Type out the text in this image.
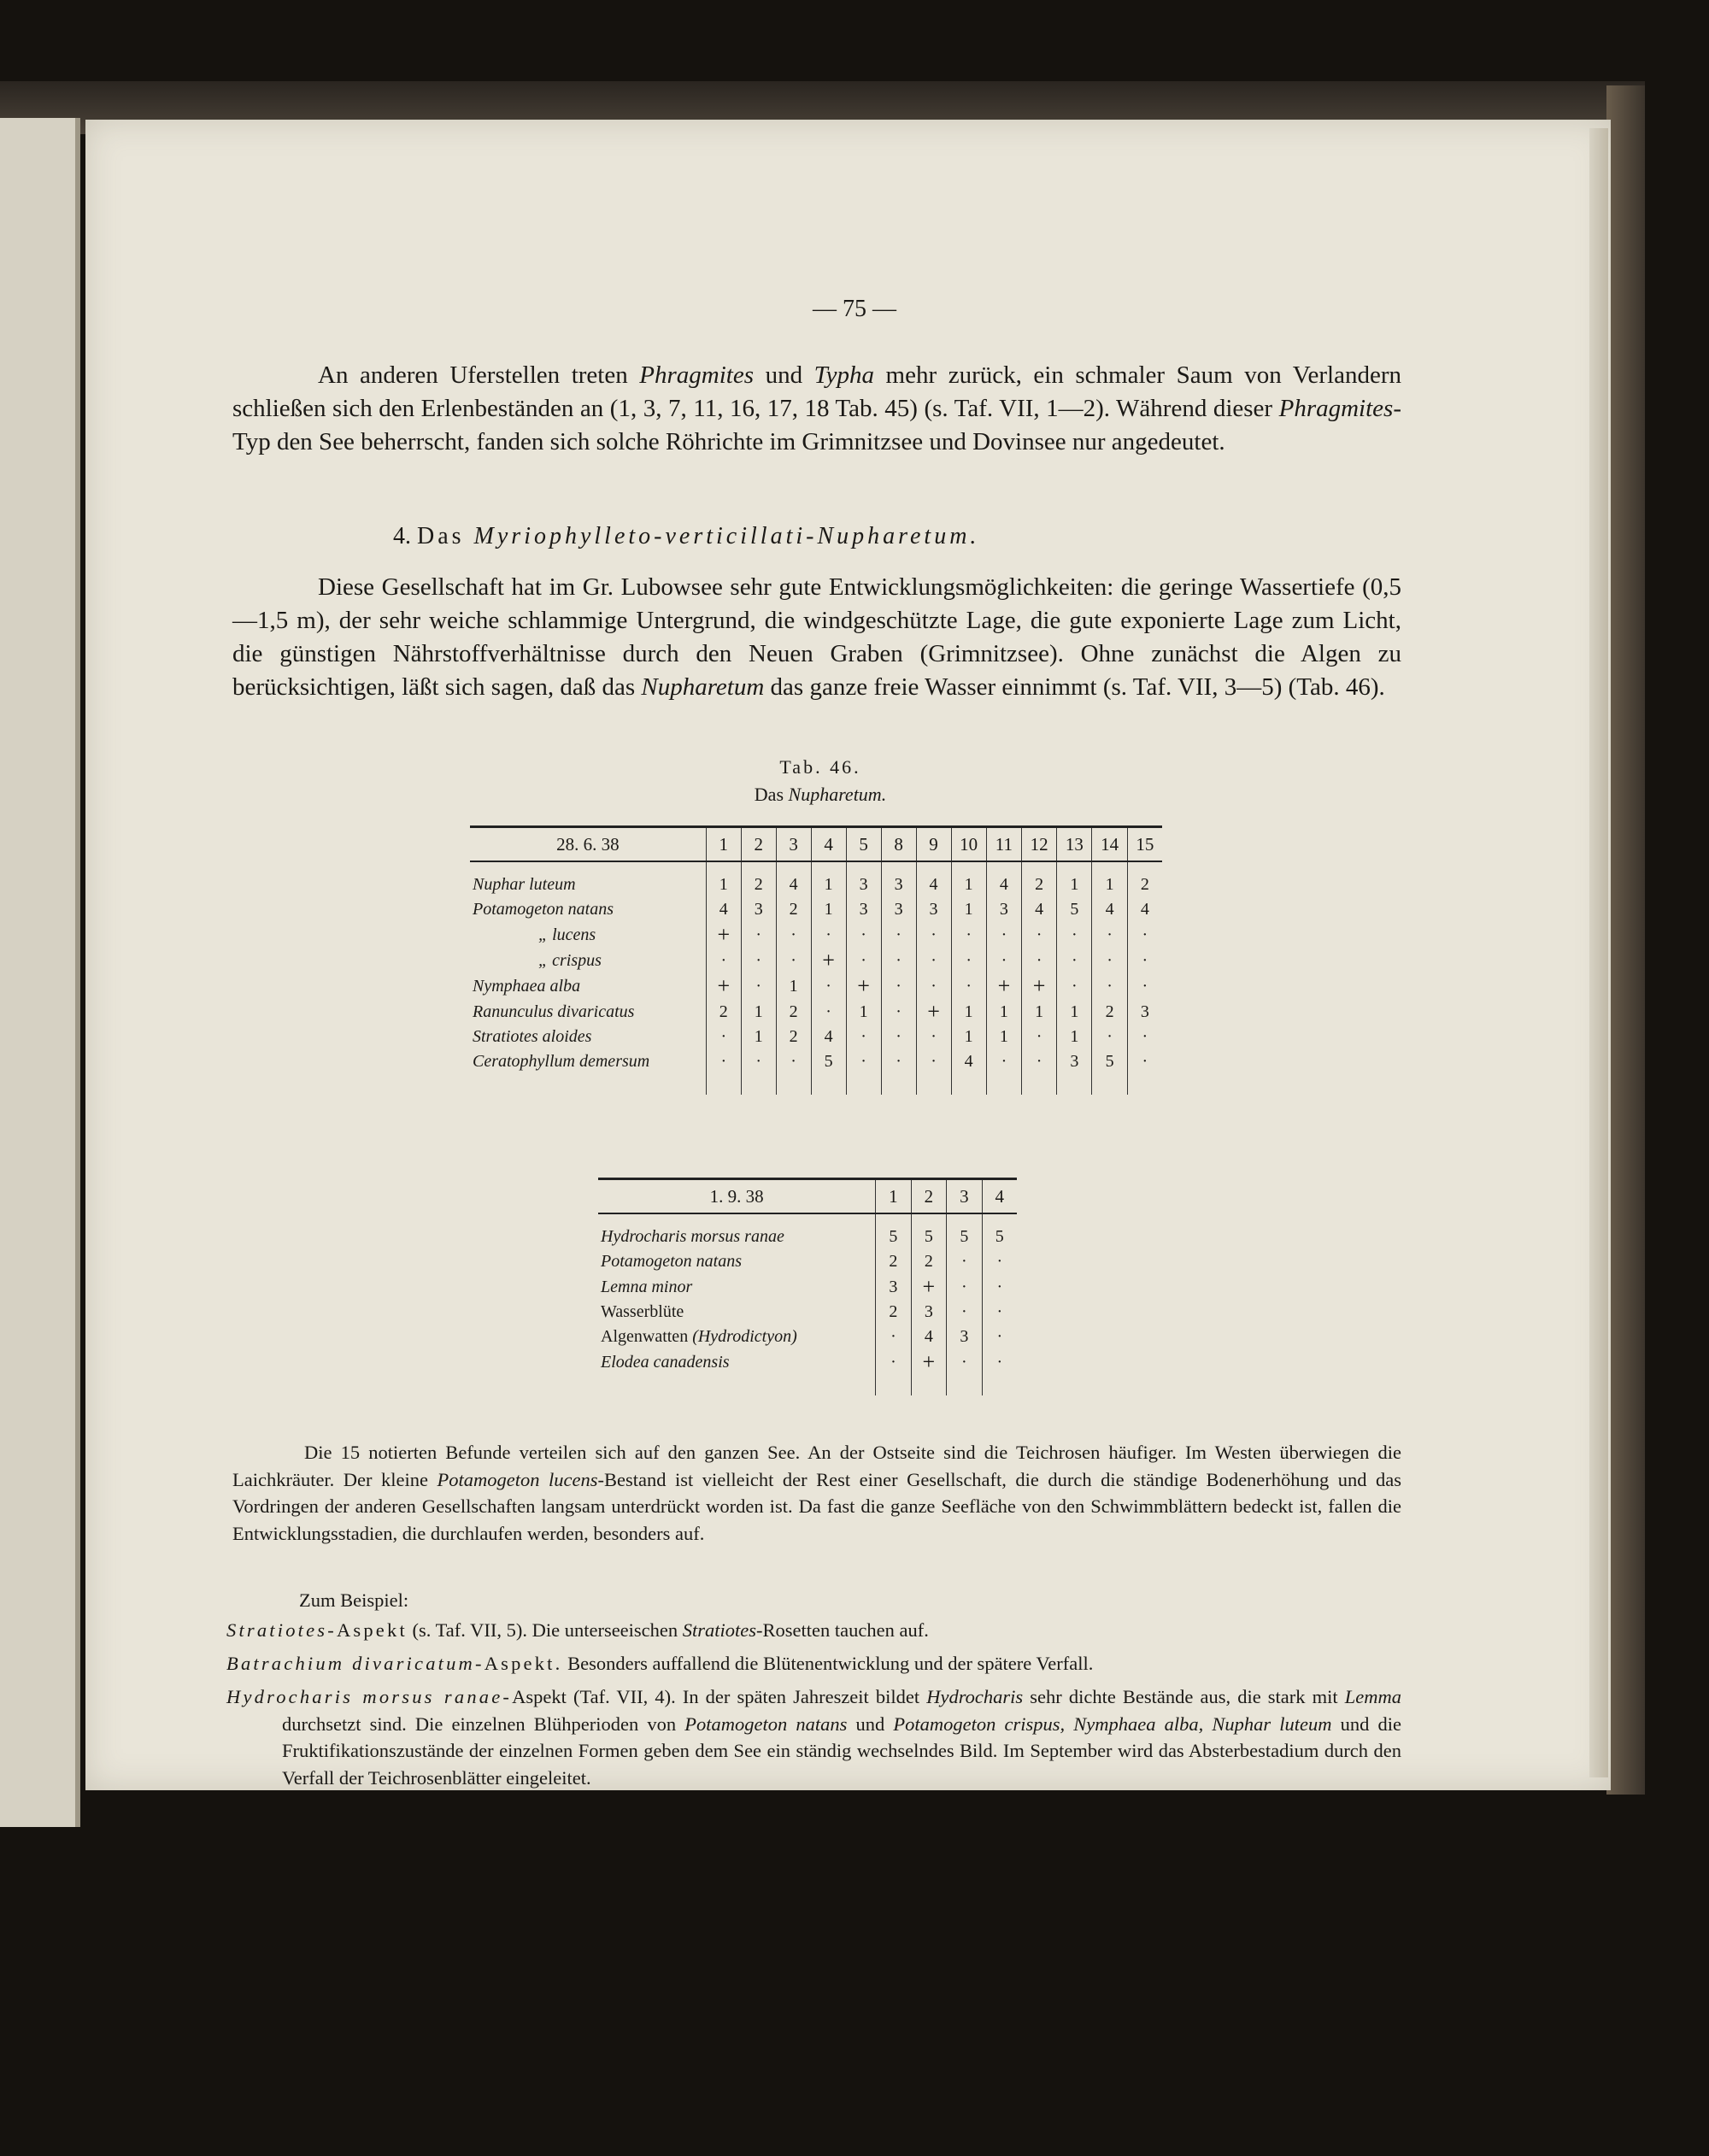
— 75 —
An anderen Uferstellen treten Phragmites und Typha mehr zurück, ein schmaler Saum von Verlandern schließen sich den Erlenbeständen an (1, 3, 7, 11, 16, 17, 18 Tab. 45) (s. Taf. VII, 1—2). Während dieser Phragmites-Typ den See beherrscht, fanden sich solche Röhrichte im Grimnitzsee und Dovinsee nur angedeutet.
4. Das Myriophylleto-verticillati-Nupharetum.
Diese Gesellschaft hat im Gr. Lubowsee sehr gute Entwicklungsmöglichkeiten: die geringe Wassertiefe (0,5—1,5 m), der sehr weiche schlammige Untergrund, die windgeschützte Lage, die gute exponierte Lage zum Licht, die günstigen Nährstoffverhältnisse durch den Neuen Graben (Grimnitzsee). Ohne zunächst die Algen zu berücksichtigen, läßt sich sagen, daß das Nupharetum das ganze freie Wasser einnimmt (s. Taf. VII, 3—5) (Tab. 46).
Tab. 46.
Das Nupharetum.
28. 6. 38	1	2	3	4	5	8	9	10	11	12	13	14	15

Nuphar luteum	1	2	4	1	3	3	4	1	4	2	1	1	2
Potamogeton natans	4	3	2	1	3	3	3	1	3	4	5	4	4
„ lucens	+	·	·	·	·	·	·	·	·	·	·	·	·
„ crispus	·	·	·	+	·	·	·	·	·	·	·	·	·
Nymphaea alba	+	·	1	·	+	·	·	·	+	+	·	·	·
Ranunculus divaricatus	2	1	2	·	1	·	+	1	1	1	1	2	3
Stratiotes aloides	·	1	2	4	·	·	·	1	1	·	1	·	·
Ceratophyllum demersum	·	·	·	5	·	·	·	4	·	·	3	5	·

1. 9. 38	1	2	3	4

Hydrocharis morsus ranae	5	5	5	5
Potamogeton natans	2	2	·	·
Lemna minor	3	+	·	·
Wasserblüte	2	3	·	·
Algenwatten (Hydrodictyon)	·	4	3	·
Elodea canadensis	·	+	·	·

Die 15 notierten Befunde verteilen sich auf den ganzen See. An der Ostseite sind die Teichrosen häufiger. Im Westen überwiegen die Laichkräuter. Der kleine Potamogeton lucens-Bestand ist vielleicht der Rest einer Gesellschaft, die durch die ständige Bodenerhöhung und das Vordringen der anderen Gesellschaften langsam unterdrückt worden ist. Da fast die ganze Seefläche von den Schwimmblättern bedeckt ist, fallen die Entwicklungsstadien, die durchlaufen werden, besonders auf.
Zum Beispiel:
Stratiotes-Aspekt (s. Taf. VII, 5). Die unterseeischen Stratiotes-Rosetten tauchen auf.
Batrachium divaricatum-Aspekt. Besonders auffallend die Blütenentwicklung und der spätere Verfall.
Hydrocharis morsus ranae-Aspekt (Taf. VII, 4). In der späten Jahreszeit bildet Hydrocharis sehr dichte Bestände aus, die stark mit Lemma durchsetzt sind. Die einzelnen Blühperioden von Potamogeton natans und Potamogeton crispus, Nymphaea alba, Nuphar luteum und die Fruktifikationszustände der einzelnen Formen geben dem See ein ständig wechselndes Bild. Im September wird das Absterbestadium durch den Verfall der Teichrosenblätter eingeleitet.
